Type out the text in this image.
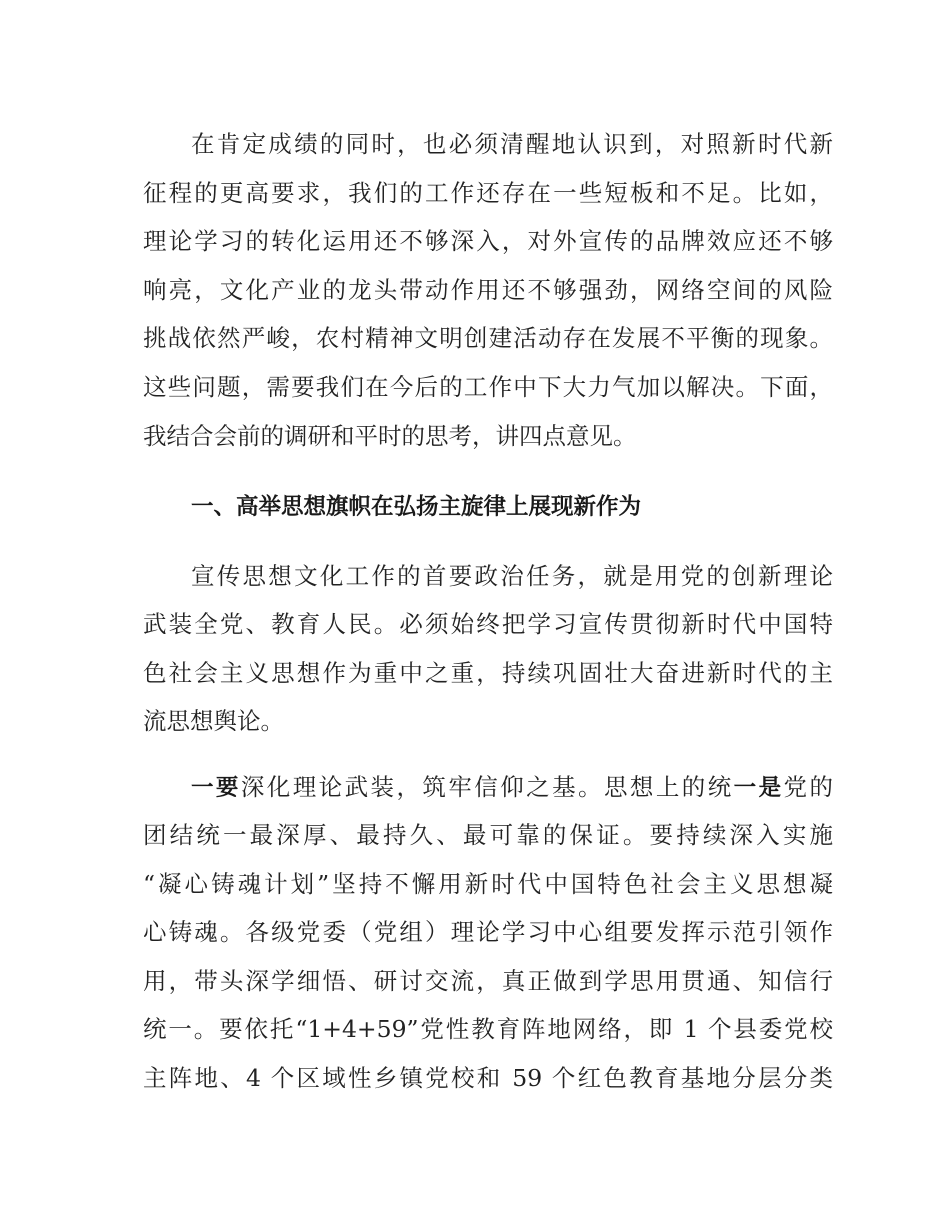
在肯定成绩的同时，也必须清醒地认识到，对照新时代新
征程的更高要求，我们的工作还存在一些短板和不足。比如，
理论学习的转化运用还不够深入，对外宣传的品牌效应还不够
响亮，文化产业的龙头带动作用还不够强劲，网络空间的风险
挑战依然严峻，农村精神文明创建活动存在发展不平衡的现象。
这些问题，需要我们在今后的工作中下大力气加以解决。下面，
我结合会前的调研和平时的思考，讲四点意见。
一、高举思想旗帜在弘扬主旋律上展现新作为
宣传思想文化工作的首要政治任务，就是用党的创新理论
武装全党、教育人民。必须始终把学习宣传贯彻新时代中国特
色社会主义思想作为重中之重，持续巩固壮大奋进新时代的主
流思想舆论。
一要深化理论武装，筑牢信仰之基。思想上的统一是党的
团结统一最深厚、最持久、最可靠的保证。要持续深入实施
“凝心铸魂计划”坚持不懈用新时代中国特色社会主义思想凝
心铸魂。各级党委（党组）理论学习中心组要发挥示范引领作
用，带头深学细悟、研讨交流，真正做到学思用贯通、知信行
统一。要依托“1+4+59”党性教育阵地网络，即 1 个县委党校
主阵地、4 个区域性乡镇党校和 59 个红色教育基地分层分类
